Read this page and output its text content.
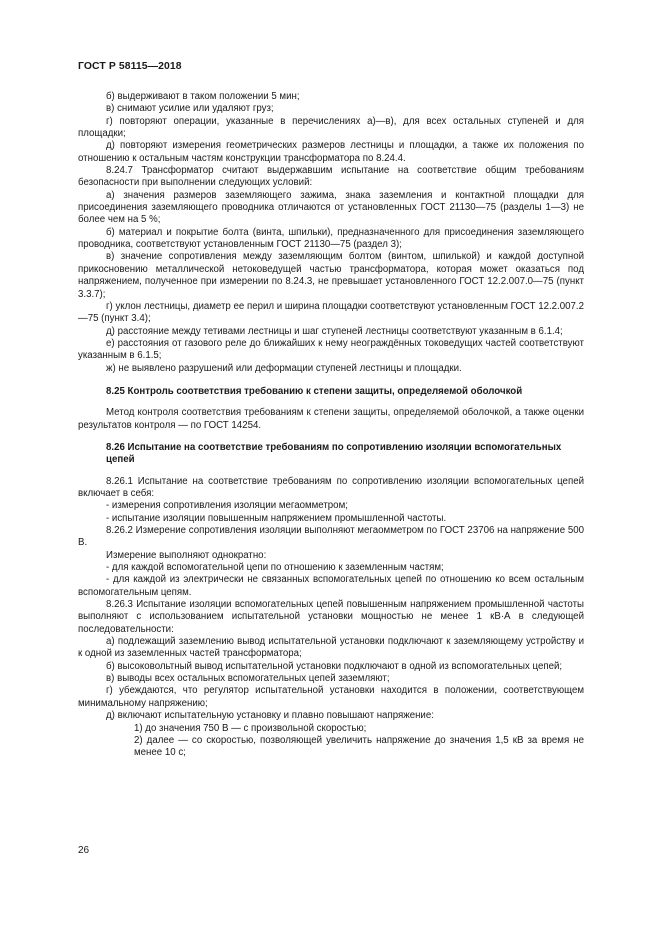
ГОСТ Р 58115—2018

б) выдерживают в таком положении 5 мин;

в) снимают усилие или удаляют груз;

г) повторяют операции, указанные в перечислениях а)—в), для всех остальных ступеней и для площадки;

д) повторяют измерения геометрических размеров лестницы и площадки, а также их положения по отношению к остальным частям конструкции трансформатора по 8.24.4.

8.24.7 Трансформатор считают выдержавшим испытание на соответствие общим требованиям безопасности при выполнении следующих условий:

а) значения размеров заземляющего зажима, знака заземления и контактной площадки для присоединения заземляющего проводника отличаются от установленных ГОСТ 21130—75 (разделы 1—3) не более чем на 5 %;

б) материал и покрытие болта (винта, шпильки), предназначенного для присоединения заземляющего проводника, соответствуют установленным ГОСТ 21130—75 (раздел 3);

в) значение сопротивления между заземляющим болтом (винтом, шпилькой) и каждой доступной прикосновению металлической нетоковедущей частью трансформатора, которая может оказаться под напряжением, полученное при измерении по 8.24.3, не превышает установленного ГОСТ 12.2.007.0—75 (пункт 3.3.7);

г) уклон лестницы, диаметр ее перил и ширина площадки соответствуют установленным ГОСТ 12.2.007.2—75 (пункт 3.4);

д) расстояние между тетивами лестницы и шаг ступеней лестницы соответствуют указанным в 6.1.4;

е) расстояния от газового реле до ближайших к нему неограждённых токоведущих частей соответствуют указанным в 6.1.5;

ж) не выявлено разрушений или деформации ступеней лестницы и площадки.

8.25 Контроль соответствия требованию к степени защиты, определяемой оболочкой

Метод контроля соответствия требованиям к степени защиты, определяемой оболочкой, а также оценки результатов контроля — по ГОСТ 14254.

8.26 Испытание на соответствие требованиям по сопротивлению изоляции вспомогательных цепей

8.26.1 Испытание на соответствие требованиям по сопротивлению изоляции вспомогательных цепей включает в себя:

- измерения сопротивления изоляции мегаомметром;

- испытание изоляции повышенным напряжением промышленной частоты.

8.26.2 Измерение сопротивления изоляции выполняют мегаомметром по ГОСТ 23706 на напряжение 500 В.

Измерение выполняют однократно:

- для каждой вспомогательной цепи по отношению к заземленным частям;

- для каждой из электрически не связанных вспомогательных цепей по отношению ко всем остальным вспомогательным цепям.

8.26.3 Испытание изоляции вспомогательных цепей повышенным напряжением промышленной частоты выполняют с использованием испытательной установки мощностью не менее 1 кВ·А в следующей последовательности:

а) подлежащий заземлению вывод испытательной установки подключают к заземляющему устройству и к одной из заземленных частей трансформатора;

б) высоковольтный вывод испытательной установки подключают в одной из вспомогательных цепей;

в) выводы всех остальных вспомогательных цепей заземляют;

г) убеждаются, что регулятор испытательной установки находится в положении, соответствующем минимальному напряжению;

д) включают испытательную установку и плавно повышают напряжение:

1) до значения 750 В — с произвольной скоростью;

2) далее — со скоростью, позволяющей увеличить напряжение до значения 1,5 кВ за время не менее 10 с;

26
